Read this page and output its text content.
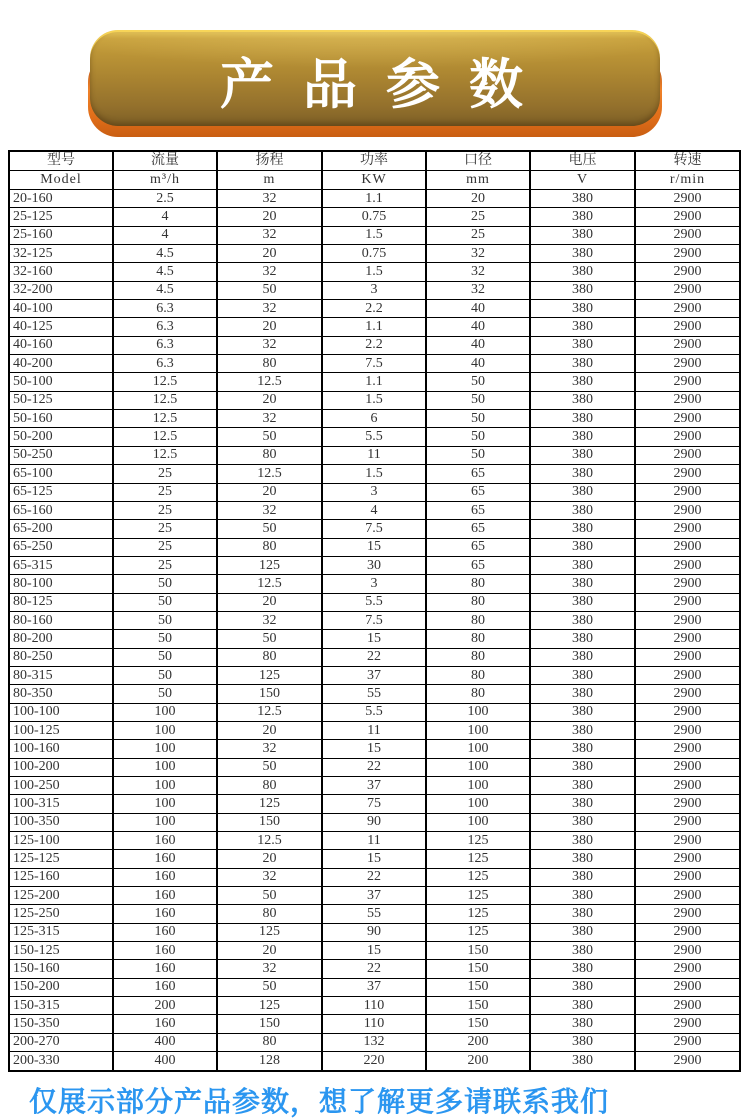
产 品 参 数
型号	流量	扬程	功率	口径	电压	转速
Model	m³/h	m	KW	mm	V	r/min
20-160	2.5	32	1.1	20	380	2900
25-125	4	20	0.75	25	380	2900
25-160	4	32	1.5	25	380	2900
32-125	4.5	20	0.75	32	380	2900
32-160	4.5	32	1.5	32	380	2900
32-200	4.5	50	3	32	380	2900
40-100	6.3	32	2.2	40	380	2900
40-125	6.3	20	1.1	40	380	2900
40-160	6.3	32	2.2	40	380	2900
40-200	6.3	80	7.5	40	380	2900
50-100	12.5	12.5	1.1	50	380	2900
50-125	12.5	20	1.5	50	380	2900
50-160	12.5	32	6	50	380	2900
50-200	12.5	50	5.5	50	380	2900
50-250	12.5	80	11	50	380	2900
65-100	25	12.5	1.5	65	380	2900
65-125	25	20	3	65	380	2900
65-160	25	32	4	65	380	2900
65-200	25	50	7.5	65	380	2900
65-250	25	80	15	65	380	2900
65-315	25	125	30	65	380	2900
80-100	50	12.5	3	80	380	2900
80-125	50	20	5.5	80	380	2900
80-160	50	32	7.5	80	380	2900
80-200	50	50	15	80	380	2900
80-250	50	80	22	80	380	2900
80-315	50	125	37	80	380	2900
80-350	50	150	55	80	380	2900
100-100	100	12.5	5.5	100	380	2900
100-125	100	20	11	100	380	2900
100-160	100	32	15	100	380	2900
100-200	100	50	22	100	380	2900
100-250	100	80	37	100	380	2900
100-315	100	125	75	100	380	2900
100-350	100	150	90	100	380	2900
125-100	160	12.5	11	125	380	2900
125-125	160	20	15	125	380	2900
125-160	160	32	22	125	380	2900
125-200	160	50	37	125	380	2900
125-250	160	80	55	125	380	2900
125-315	160	125	90	125	380	2900
150-125	160	20	15	150	380	2900
150-160	160	32	22	150	380	2900
150-200	160	50	37	150	380	2900
150-315	200	125	110	150	380	2900
150-350	160	150	110	150	380	2900
200-270	400	80	132	200	380	2900
200-330	400	128	220	200	380	2900
仅展示部分产品参数，想了解更多请联系我们
